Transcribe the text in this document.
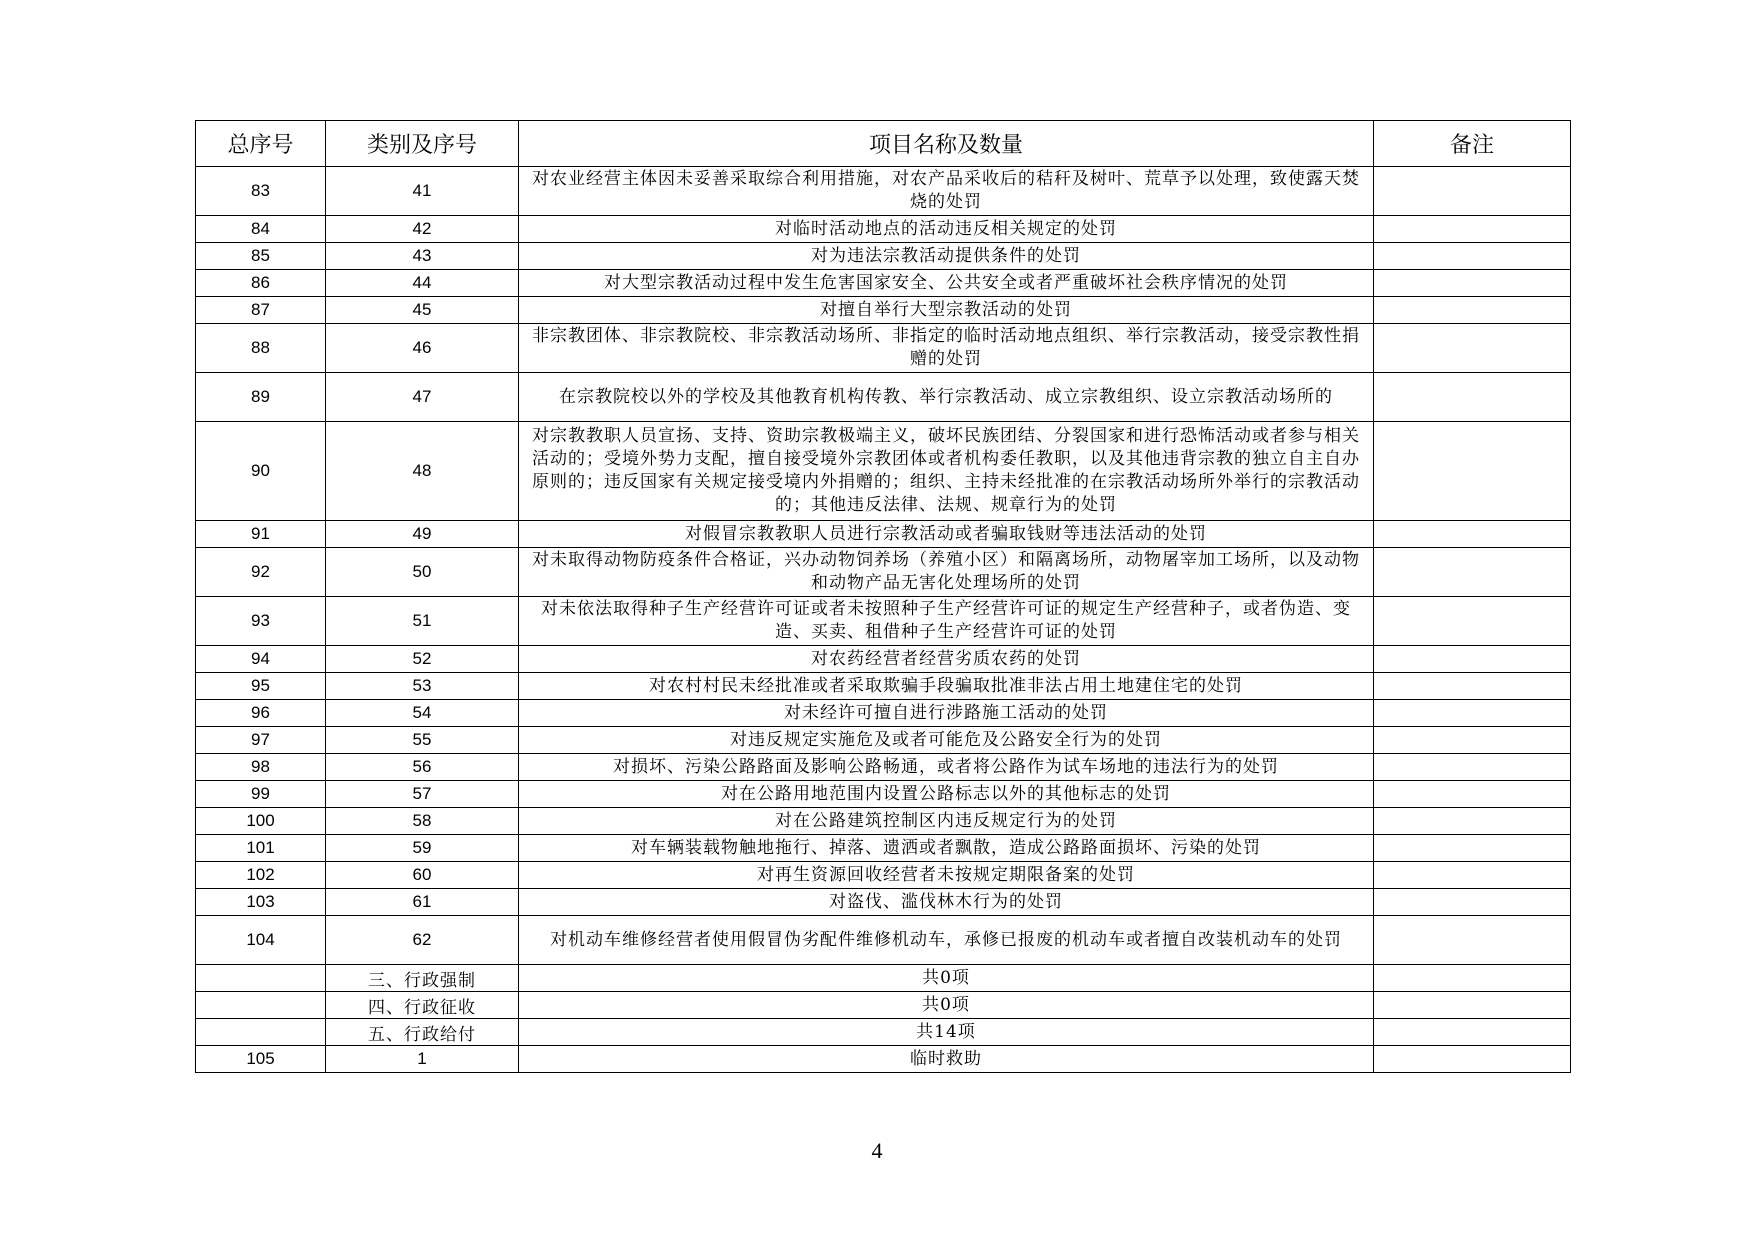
总序号	类别及序号	项目名称及数量	备注
83	41	对农业经营主体因未妥善采取综合利用措施，对农产品采收后的秸秆及树叶、荒草予以处理，致使露天焚烧的处罚	
84	42	对临时活动地点的活动违反相关规定的处罚	
85	43	对为违法宗教活动提供条件的处罚	
86	44	对大型宗教活动过程中发生危害国家安全、公共安全或者严重破坏社会秩序情况的处罚	
87	45	对擅自举行大型宗教活动的处罚	
88	46	非宗教团体、非宗教院校、非宗教活动场所、非指定的临时活动地点组织、举行宗教活动，接受宗教性捐赠的处罚	
89	47	在宗教院校以外的学校及其他教育机构传教、举行宗教活动、成立宗教组织、设立宗教活动场所的	
90	48	对宗教教职人员宣扬、支持、资助宗教极端主义，破坏民族团结、分裂国家和进行恐怖活动或者参与相关活动的；受境外势力支配，擅自接受境外宗教团体或者机构委任教职，以及其他违背宗教的独立自主自办原则的；违反国家有关规定接受境内外捐赠的；组织、主持未经批准的在宗教活动场所外举行的宗教活动的；其他违反法律、法规、规章行为的处罚	
91	49	对假冒宗教教职人员进行宗教活动或者骗取钱财等违法活动的处罚	
92	50	对未取得动物防疫条件合格证，兴办动物饲养场（养殖小区）和隔离场所，动物屠宰加工场所，以及动物和动物产品无害化处理场所的处罚	
93	51	对未依法取得种子生产经营许可证或者未按照种子生产经营许可证的规定生产经营种子，或者伪造、变造、买卖、租借种子生产经营许可证的处罚	
94	52	对农药经营者经营劣质农药的处罚	
95	53	对农村村民未经批准或者采取欺骗手段骗取批准非法占用土地建住宅的处罚	
96	54	对未经许可擅自进行涉路施工活动的处罚	
97	55	对违反规定实施危及或者可能危及公路安全行为的处罚	
98	56	对损坏、污染公路路面及影响公路畅通，或者将公路作为试车场地的违法行为的处罚	
99	57	对在公路用地范围内设置公路标志以外的其他标志的处罚	
100	58	对在公路建筑控制区内违反规定行为的处罚	
101	59	对车辆装载物触地拖行、掉落、遗洒或者飘散，造成公路路面损坏、污染的处罚	
102	60	对再生资源回收经营者未按规定期限备案的处罚	
103	61	对盗伐、滥伐林木行为的处罚	
104	62	对机动车维修经营者使用假冒伪劣配件维修机动车，承修已报废的机动车或者擅自改装机动车的处罚	
	三、行政强制	共0项	
	四、行政征收	共0项	
	五、行政给付	共14项	
105	1	临时救助	
4
